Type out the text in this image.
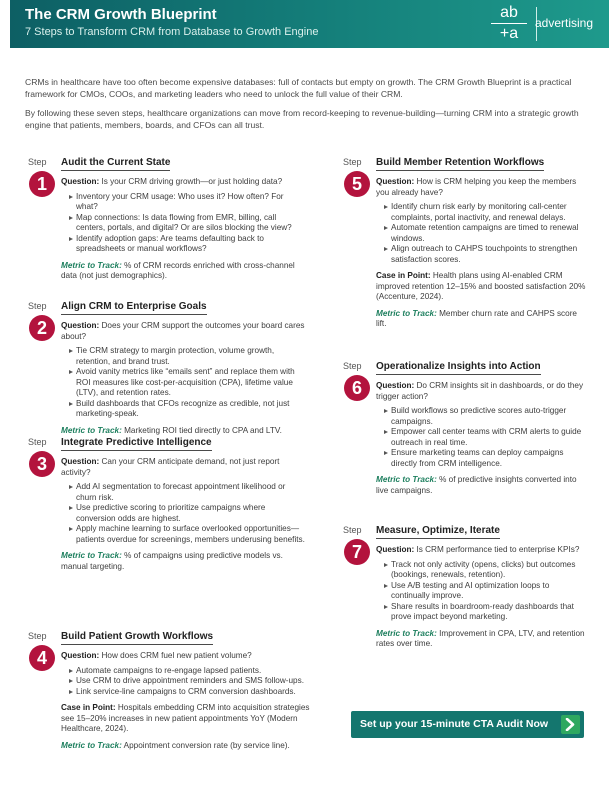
The CRM Growth Blueprint
7 Steps to Transform CRM from Database to Growth Engine
ab
+a
advertising

CRMs in healthcare have too often become expensive databases: full of contacts but empty on growth. The CRM Growth Blueprint is a practical framework for CMOs, COOs, and marketing leaders who need to unlock the full value of their CRM.

By following these seven steps, healthcare organizations can move from record-keeping to revenue-building—turning CRM into a strategic growth engine that patients, members, boards, and CFOs can all trust.

Step Audit the Current State
1	Question: Is your CRM driving growth—or just holding data?
Inventory your CRM usage: Who uses it? How often? For what?
Map connections: Is data flowing from EMR, billing, call centers, portals, and digital? Or are silos blocking the view?
Identify adoption gaps: Are teams defaulting back to spreadsheets or manual workflows?
Metric to Track: % of CRM records enriched with cross-channel data (not just demographics).
Step Align CRM to Enterprise Goals
2	Question: Does your CRM support the outcomes your board cares about?
Tie CRM strategy to margin protection, volume growth, retention, and brand trust.
Avoid vanity metrics like “emails sent” and replace them with ROI measures like cost-per-acquisition (CPA), lifetime value (LTV), and retention rates.
Build dashboards that CFOs recognize as credible, not just marketing-speak.
Metric to Track: Marketing ROI tied directly to CPA and LTV.
Step Integrate Predictive Intelligence
3	Question: Can your CRM anticipate demand, not just report activity?
Add AI segmentation to forecast appointment likelihood or churn risk.
Use predictive scoring to prioritize campaigns where conversion odds are highest.
Apply machine learning to surface overlooked opportunities—patients overdue for screenings, members underusing benefits.
Metric to Track: % of campaigns using predictive models vs. manual targeting.
Step Build Patient Growth Workflows
4	Question: How does CRM fuel new patient volume?
Automate campaigns to re-engage lapsed patients.
Use CRM to drive appointment reminders and SMS follow-ups.
Link service-line campaigns to CRM conversion dashboards.
Case in Point: Hospitals embedding CRM into acquisition strategies see 15–20% increases in new patient appointments YoY (Modern Healthcare, 2024).
Metric to Track: Appointment conversion rate (by service line).
Step Build Member Retention Workflows
5	Question: How is CRM helping you keep the members you already have?
Identify churn risk early by monitoring call-center complaints, portal inactivity, and renewal delays.
Automate retention campaigns are timed to renewal windows.
Align outreach to CAHPS touchpoints to strengthen satisfaction scores.
Case in Point: Health plans using AI-enabled CRM improved retention 12–15% and boosted satisfaction 20% (Accenture, 2024).
Metric to Track: Member churn rate and CAHPS score lift.
Step Operationalize Insights into Action
6	Question: Do CRM insights sit in dashboards, or do they trigger action?
Build workflows so predictive scores auto-trigger campaigns.
Empower call center teams with CRM alerts to guide outreach in real time.
Ensure marketing teams can deploy campaigns directly from CRM intelligence.
Metric to Track: % of predictive insights converted into live campaigns.
Step Measure, Optimize, Iterate
7	Question: Is CRM performance tied to enterprise KPIs?
Track not only activity (opens, clicks) but outcomes (bookings, renewals, retention).
Use A/B testing and AI optimization loops to continually improve.
Share results in boardroom-ready dashboards that prove impact beyond marketing.
Metric to Track: Improvement in CPA, LTV, and retention rates over time.
Set up your 15-minute CTA Audit Now
